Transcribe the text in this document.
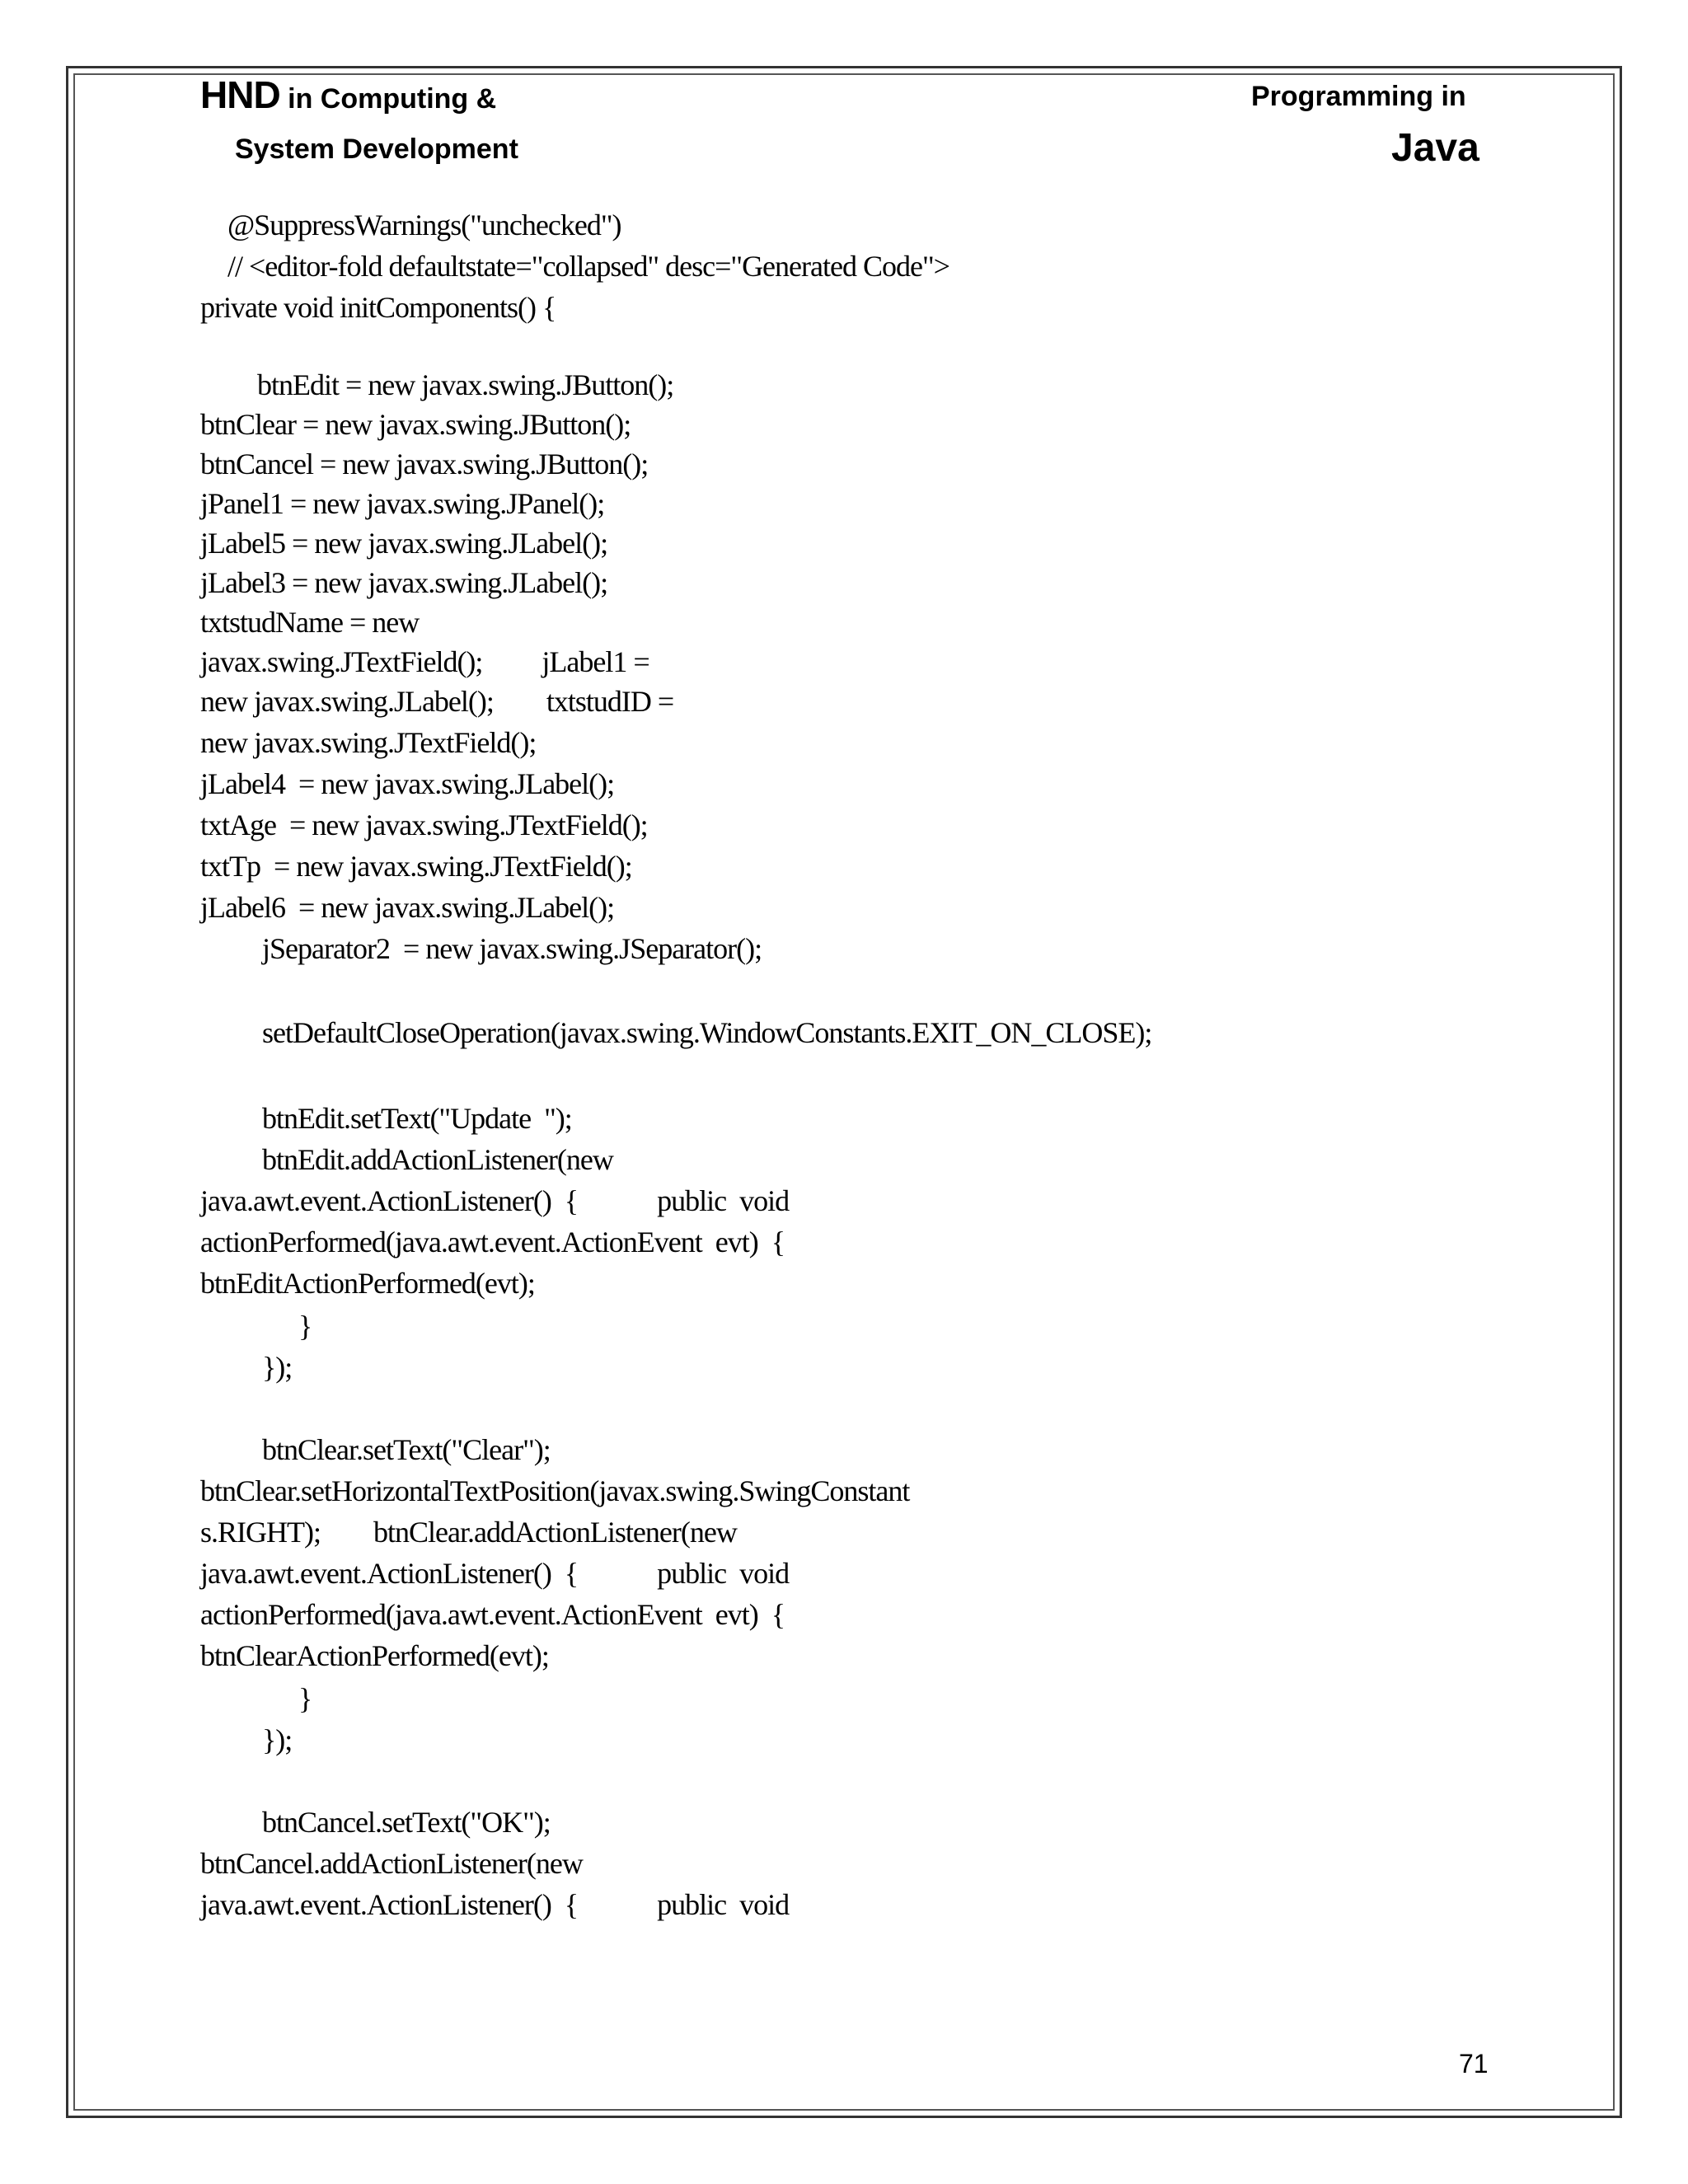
HND in Computing &
System Development
Programming in
Java
@SuppressWarnings("unchecked")
// <editor-fold defaultstate="collapsed" desc="Generated Code">
private void initComponents() {
btnEdit = new javax.swing.JButton();
btnClear = new javax.swing.JButton();
btnCancel = new javax.swing.JButton();
jPanel1 = new javax.swing.JPanel();
jLabel5 = new javax.swing.JLabel();
jLabel3 = new javax.swing.JLabel();
txtstudName = new
javax.swing.JTextField();         jLabel1 =
new javax.swing.JLabel();        txtstudID =
new javax.swing.JTextField();
jLabel4  = new javax.swing.JLabel();
txtAge  = new javax.swing.JTextField();
txtTp  = new javax.swing.JTextField();
jLabel6  = new javax.swing.JLabel();
jSeparator2  = new javax.swing.JSeparator();
setDefaultCloseOperation(javax.swing.WindowConstants.EXIT_ON_CLOSE);
btnEdit.setText("Update  ");
btnEdit.addActionListener(new
java.awt.event.ActionListener()  {            public  void
actionPerformed(java.awt.event.ActionEvent  evt)  {
btnEditActionPerformed(evt);
}
});
btnClear.setText("Clear");
btnClear.setHorizontalTextPosition(javax.swing.SwingConstant
s.RIGHT);        btnClear.addActionListener(new
java.awt.event.ActionListener()  {            public  void
actionPerformed(java.awt.event.ActionEvent  evt)  {
btnClearActionPerformed(evt);
}
});
btnCancel.setText("OK");
btnCancel.addActionListener(new
java.awt.event.ActionListener()  {            public  void
71
